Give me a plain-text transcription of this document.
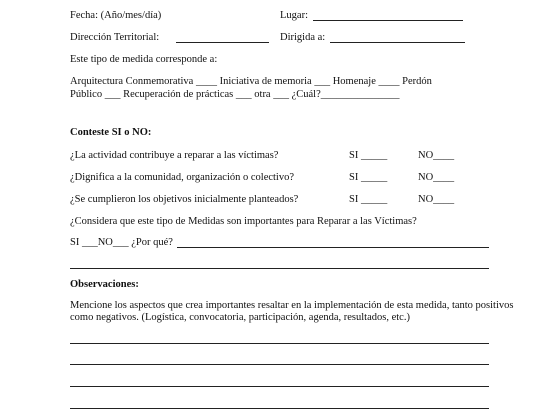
Fecha: (Año/mes/día)	Lugar:
Dirección Territorial:	Dirigida a:
Este tipo de medida corresponde a:
Arquitectura Conmemorativa ____ Iniciativa de memoria ___ Homenaje ____ Perdón
Público ___ Recuperación de prácticas ___ otra ___ ¿Cuál?_______________
Conteste SI o NO:
¿La actividad contribuye a reparar a las víctimas?	SI _____	NO____
¿Dignifica a la comunidad, organización o colectivo?	SI _____	NO____
¿Se cumplieron los objetivos inicialmente planteados?	SI _____	NO____
¿Considera que este tipo de Medidas son importantes para Reparar a las Víctimas?
SI ___NO___ ¿Por qué?
Observaciones:
Mencione los aspectos que crea importantes resaltar en la implementación de esta medida, tanto positivos
como negativos. (Logística, convocatoria, participación, agenda, resultados, etc.)
